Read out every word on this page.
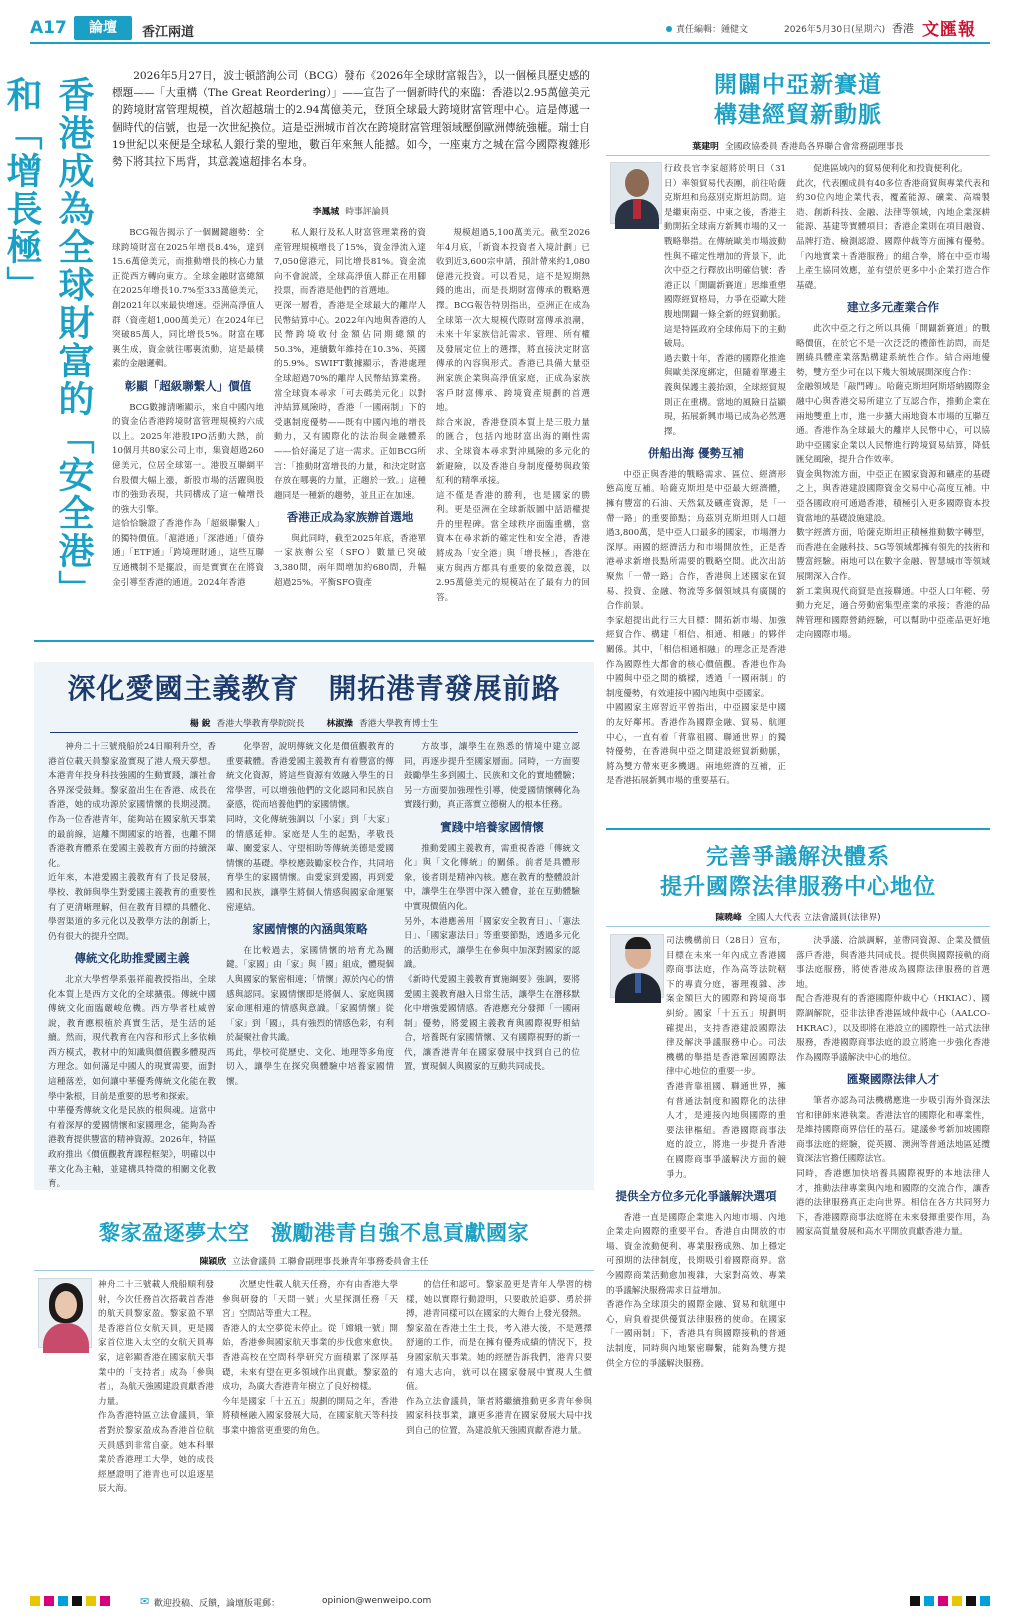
A17	論壇	香江兩道	責任編輯：鍾健文	2026年5月30日(星期六) 香港 文匯報
香港成為全球財富的「安全港」和「增長極」	2026年5月27日，波士頓諮詢公司（BCG）發布《2026年全球財富報告》，以一個極具歷史感的標題——「大重構（The Great Reordering）」——宣告了一個新時代的來臨：香港以2.95萬億美元的跨境財富管理規模，首次超越瑞士的2.94萬億美元，登頂全球最大跨境財富管理中心。這是傳遞一個時代的信號，也是一次世紀換位。這是亞洲城市首次在跨境財富管理領域壓倒歐洲傳統強權。瑞士自19世紀以來便是全球私人銀行業的聖地，數百年來無人能撼。如今，一座東方之城在當今國際複雜形勢下將其拉下馬背，其意義遠超排名本身。

李鳳城 時事評論員

BCG報告揭示了一個關鍵趨勢：全球跨境財富在2025年增長8.4%，達到15.6萬億美元，而推動增長的核心力量正從西方轉向東方。全球金融財富總額在2025年增長10.7%至333萬億美元，創2021年以來最快增速。亞洲高淨值人群（資產超1,000萬美元）在2024年已突破85萬人，同比增長5%。財富在哪裏生成，資金就往哪裏流動，這是最樸素的金融邏輯。

彰顯「超級聯繫人」價值

BCG數據清晰顯示，來自中國內地的資金佔香港跨境財富管理規模約六成以上。2025年港股IPO活動大熱，前10個月共80家公司上市，集資超過260億美元，位居全球第一。港股互聯網平台股價大幅上漲，新股市場的活躍與股市的強勁表現，共同構成了這一輪增長的強大引擎。
這恰恰驗證了香港作為「超級聯繫人」的獨特價值。「滬港通」「深港通」「債券通」「ETF通」「跨境理財通」，這些互聯互通機制不是擺設，而是實實在在將資金引導至香港的通道。2024年香港

私人銀行及私人財富管理業務的資產管理規模增長了15%，資金淨流入達7,050億港元，同比增長81%。資金流向不會說謊，全球高淨值人群正在用腳投票，而香港是他們的首選地。
更深一層看，香港是全球最大的離岸人民幣結算中心。2022年內地與香港的人民幣跨境收付金額佔同期總額的50.3%，連續數年維持在10.3%、英國的5.9%。SWIFT數據顯示，香港處理全球超過70%的離岸人民幣結算業務。當全球資本尋求「可去碼美元化」以對沖結算風險時，香港「一國兩制」下的受惠制度優勢——既有中國內地的增長動力，又有國際化的法治與金融體系——恰好滿足了這一需求。正如BCG所言：「推動財富增長的力量，和決定財富存放在哪裏的力量，正趨於一致。」這種趨同是一種新的趨勢，並且正在加速。

香港正成為家族辦首選地

與此同時，截至2025年底，香港單一家族辦公室（SFO）數量已突破3,380間，兩年間增加約680間，升幅超過25%。平衡SFO資產

規模超過5,100萬美元。截至2026年4月底，「新資本投資者入境計劃」已收到近3,600宗申請，預計帶來約1,080億港元投資。可以看見，這不是短期熱錢的進出，而是長期財富傳承的戰略選擇。BCG報告特別指出，亞洲正在成為全球第一次大規模代際財富傳承浪潮，未來十年家族信託需求、管理、所有權及發展定位上的選擇，將直接決定財富傳承的內容與形式。香港已具備大量亞洲家族企業與高淨值家庭，正成為家族客戶財富傳承、跨境資產規劃的首選地。
綜合來說，香港登頂本質上是三股力量的匯合，包括內地財富出海的剛性需求、全球資本尋求對沖風險的多元化的新避險，以及香港自身制度優勢與政策紅利的精準承接。
這不僅是香港的勝利，也是國家的勝利。更是亞洲在全球新版圖中話語權提升的里程碑。當全球秩序面臨重構，當資本在尋求新的確定性和安全港，香港將成為「安全港」與「增長極」，香港在東方與西方都具有重要的象徵意義，以2.95萬億美元的規模站在了最有力的回答。

開闢中亞新賽道
構建經貿新動脈
葉建明 全國政協委員 香港島各界聯合會常務副理事長

行政長官李家超將於明日（31日）率領貿易代表團，前往哈薩克斯坦和烏茲別克斯坦訪問。這是繼東南亞、中東之後，香港主動開拓全球南方新興市場的又一戰略舉措。在傳統歐美市場波動性與不確定性增加的背景下，此次中亞之行釋放出明確信號：香港正以「開闢新賽道」思維重塑國際經貿格局，力爭在亞歐大陸腹地開闢一條全新的經貿動脈。這是特區政府全球佈局下的主動破局。
過去數十年，香港的國際化推進與歐美深度綁定，但隨着單邊主義與保護主義抬頭，全球經貿規則正在重構。當地的風險日益顯現，拓展新興市場已成為必然選擇。

併船出海 優勢互補

中亞正與香港的戰略需求、區位、經濟形態高度互補。哈薩克斯坦是中亞最大經濟體，擁有豐富的石油、天然氣及礦產資源，是「一帶一路」的重要節點；烏茲別克斯坦則人口超過3,800萬，是中亞人口最多的國家，市場潛力深厚。兩國的經濟活力和市場開放性，正是香港尋求新增長點所需要的戰略空間。此次出訪聚焦「一帶一路」合作，香港與上述國家在貿易、投資、金融、物流等多個領域具有廣闊的合作前景。
李家超提出此行三大目標：開拓新市場、加強經貿合作、構建「相信、相通、相融」的夥伴關係。其中，「相信相通相融」的理念正是香港作為國際性大都會的核心價值觀。香港也作為中國與中亞之間的橋樑，透過「一國兩制」的制度優勢，有效連接中國內地與中亞國家。
中國國家主席習近平曾指出，中亞國家是中國的友好鄰邦。香港作為國際金融、貿易、航運中心，一直有着「背靠祖國、聯通世界」的獨特優勢，在香港與中亞之間建設經貿新動脈，將為雙方帶來更多機遇。兩地經濟的互補，正是香港拓展新興市場的重要基石。

促進區域內的貿易便利化和投資便利化。
此次，代表團成員有40多位香港商貿與專業代表和約30位內地企業代表，覆蓋能源、礦業、高端製造、創新科技、金融、法律等領域，內地企業深耕能源、基建等實體項目；香港企業則在項目融資、品牌打造、檢測認證、國際仲裁等方面擁有優勢。「內地實業＋香港服務」的組合拳，將在中亞市場上產生協同效應，並有望於更多中小企業打造合作基礎。

建立多元產業合作

此次中亞之行之所以具備「開闢新賽道」的戰略價值，在於它不是一次泛泛的禮節性訪問，而是圍繞具體產業落點構建系統性合作。結合兩地優勢，雙方至少可在以下幾大領域展開深度合作：
金融領域是「敲門磚」。哈薩克斯坦阿斯塔納國際金融中心與香港交易所建立了互認合作，推動企業在兩地雙重上市，進一步擴大兩地資本市場的互聯互通。香港作為全球最大的離岸人民幣中心，可以協助中亞國家企業以人民幣進行跨境貿易結算，降低匯兌風險，提升合作效率。
資金與物流方面，中亞正在國家資源和礦產的基礎之上，與香港建設國際資金交易中心高度互補。中亞各國政府可通過香港，積極引入更多國際資本投資當地的基礎設施建設。
數字經濟方面，哈薩克斯坦正積極推動數字轉型，而香港在金融科技、5G等領域都擁有領先的技術和豐富經驗。兩地可以在數字金融、智慧城市等領域展開深入合作。
新工業與現代商貿是直接聯通。中亞人口年輕、勞動力充足，適合勞動密集型產業的承接；香港的品牌管理和國際營銷經驗，可以幫助中亞產品更好地走向國際市場。

深化愛國主義教育　開拓港青發展前路
楊 銳 香港大學教育學院院長	林淑操 香港大學教育博士生

神舟二十三號飛船於24日順利升空，香港首位載天員黎家盈實現了港人飛天夢想。本港青年投身科技強國的生動實踐，讓社會各界深受鼓舞。黎家盈出生在香港、成長在香港，她的成功源於家國情懷的長期浸潤。作為一位香港青年，能夠站在國家航天事業的最前線，這離不開國家的培養，也離不開香港教育體系在愛國主義教育方面的持續深化。
近年來，本港愛國主義教育有了長足發展，學校、教師與學生對愛國主義教育的重要性有了更清晰理解，但在教育目標的具體化、學習渠道的多元化以及教學方法的創新上，仍有很大的提升空間。

傳統文化助推愛國主義

北京大學哲學系張祥龍教授指出，全球化本質上是西方文化的全球擴張。傳統中國傳統文化面臨嚴峻危機。西方學者杜威曾說，教育應根植於真實生活，是生活的延續。然而，現代教育在內容和形式上多依賴西方模式，教材中的知識與價值觀多體現西方理念。如何滿足中國人的現實需要，面對這種落差，如何讓中華優秀傳統文化能在教學中紮根，目前是重要的思考和探索。
中華優秀傳統文化是民族的根與魂。這當中有着深厚的愛國情懷和家國理念，能夠為香港教育提供豐富的精神資源。2026年，特區政府推出《價值觀教育課程框架》，明確以中華文化為主軸，並建構具特徵的相關文化教育。

化學習，說明傳統文化是價值觀教育的重要載體。香港愛國主義教育有着豐富的傳統文化資源，將這些資源有效融入學生的日常學習，可以增強他們的文化認同和民族自豪感，從而培養他們的家國情懷。
同時，文化傳統強調以「小家」到「大家」的情感延伸。家庭是人生的起點，孝敬長輩、關愛家人、守望相助等傳統美德是愛國情懷的基礎。學校應鼓勵家校合作，共同培育學生的家國情懷。由愛家到愛國，再到愛國和民族，讓學生將個人情感與國家命運緊密連結。

家國情懷的內涵與策略

在比較過去，家國情懷的培育尤為關鍵。「家國」由「家」與「國」組成，體現個人與國家的緊密相連；「情懷」源於內心的情感與認同。家國情懷即是將個人、家庭與國家命運相連的情感與意識。「家國情懷」從「家」到「國」，具有強烈的情感色彩，有利於凝聚社會共識。
馬此，學校可從歷史、文化、地理等多角度切入，讓學生在探究與體驗中培養家國情懷。

方故事，讓學生在熟悉的情境中建立認同，再逐步提升至國家層面。同時，一方面要鼓勵學生多到國土、民族和文化的實地體驗；另一方面要加強理性引導，使愛國情懷轉化為實踐行動，真正落實立德樹人的根本任務。

實踐中培養家國情懷

推動愛國主義教育，需重視香港「傳統文化」與「文化傳統」的關係。前者是具體形象，後者則是精神內核。應在教育的整體設計中，讓學生在學習中深入體會，並在互動體驗中實現價值內化。
另外，本港應善用「國家安全教育日」、「憲法日」、「國家憲法日」等重要節點，透過多元化的活動形式，讓學生在參與中加深對國家的認識。
《新時代愛國主義教育實施綱要》強調，要將愛國主義教育融入日常生活，讓學生在潛移默化中增強愛國情感。香港應充分發揮「一國兩制」優勢，將愛國主義教育與國際視野相結合，培養既有家國情懷、又有國際視野的新一代，讓香港青年在國家發展中找到自己的位置，實現個人與國家的互動共同成長。

黎家盈逐夢太空　激勵港青自強不息貢獻國家
陳穎欣 立法會議員 工聯會副理事長兼青年事務委員會主任

神舟二十三號載人飛船順利發射，今次任務首次搭載首香港的航天員黎家盈。黎家盈不單是香港首位女航天員，更是國家首位進入太空的女航天員專家，這彰顯香港在國家航天事業中的「支持者」成為「參與者」，為航天強國建設貢獻香港力量。
作為香港特區立法會議員，筆者對於黎家盈成為香港首位航天員感到非常自豪。她本科畢業於香港理工大學，她的成長經歷證明了港青也可以追逐星辰大海。

次歷史性載人航天任務，亦有由香港大學參與研發的「天問一號」火星探測任務「天宮」空間站等重大工程。
香港人的太空夢從未停止。從「嫦娥一號」開始，香港參與國家航天事業的步伐愈來愈快。香港高校在空間科學研究方面積累了深厚基礎，未來有望在更多領域作出貢獻。黎家盈的成功，為廣大香港青年樹立了良好榜樣。
今年是國家「十五五」規劃的開局之年，香港將積極融入國家發展大局，在國家航天等科技事業中擔當更重要的角色。

的信任和認可。黎家盈更是青年人學習的榜樣，她以實際行動證明，只要敢於追夢、勇於拼搏，港青同樣可以在國家的大舞台上發光發熱。
黎家盈在香港土生土長，考入港大後，不是選擇舒適的工作，而是在擁有優秀成績的情況下，投身國家航天事業。她的經歷告訴我們，港青只要有遠大志向，就可以在國家發展中實現人生價值。
作為立法會議員，筆者將繼續推動更多青年參與國家科技事業，讓更多港青在國家發展大局中找到自己的位置，為建設航天強國貢獻香港力量。

完善爭議解決體系
提升國際法律服務中心地位
陳曉峰 全國人大代表 立法會議員(法律界)

司法機構前日（28日）宣布，目標在未來一年內成立香港國際商事法庭，作為高等法院轄下的專責分庭，審理複雜、涉案金額巨大的國際和跨境商事糾紛。國家「十五五」規劃明確提出，支持香港建設國際法律及解決爭議服務中心。司法機構的舉措是香港鞏固國際法律中心地位的重要一步。
香港背靠祖國、聯通世界，擁有普通法制度和國際化的法律人才，是連接內地與國際的重要法律樞紐。香港國際商事法庭的設立，將進一步提升香港在國際商事爭議解決方面的競爭力。

提供全方位多元化爭議解決選項

香港一直是國際企業進入內地市場、內地企業走向國際的重要平台。香港自由開放的市場、資金流動便利、專業服務成熟、加上穩定可預期的法律制度，長期吸引着國際商界。當今國際商業活動愈加複雜，大家對高效、專業的爭議解決服務需求日益增加。
香港作為全球頂尖的國際金融、貿易和航運中心，肩負着提供優質法律服務的使命。在國家「一國兩制」下，香港具有與國際接軌的普通法制度，同時與內地緊密聯繫，能夠為雙方提供全方位的爭議解決服務。

決爭議、洽談調解，並帶同資源、企業及價值落戶香港，與香港共同成長。提供與國際接軌的商事法庭服務，將使香港成為國際法律服務的首選地。
配合香港現有的香港國際仲裁中心（HKIAC）、國際調解院，亞非法律香港區域仲裁中心（AALCO-HKRAC），以及即將在港設立的國際性一站式法律服務，香港國際商事法庭的設立將進一步強化香港作為國際爭議解決中心的地位。

匯聚國際法律人才

筆者亦認為司法機構應進一步吸引海外資深法官和律師來港執業。香港法官的國際化和專業性，是維持國際商界信任的基石。建議參考新加坡國際商事法庭的經驗，從英國、澳洲等普通法地區延攬資深法官擔任國際法官。
同時，香港應加快培養具國際視野的本地法律人才，推動法律專業與內地和國際的交流合作，讓香港的法律服務真正走向世界。相信在各方共同努力下，香港國際商事法庭將在未來發揮重要作用，為國家高質量發展和高水平開放貢獻香港力量。

✉ 歡迎投稿、反饋，論壇版電郵：	opinion@wenweipo.com
